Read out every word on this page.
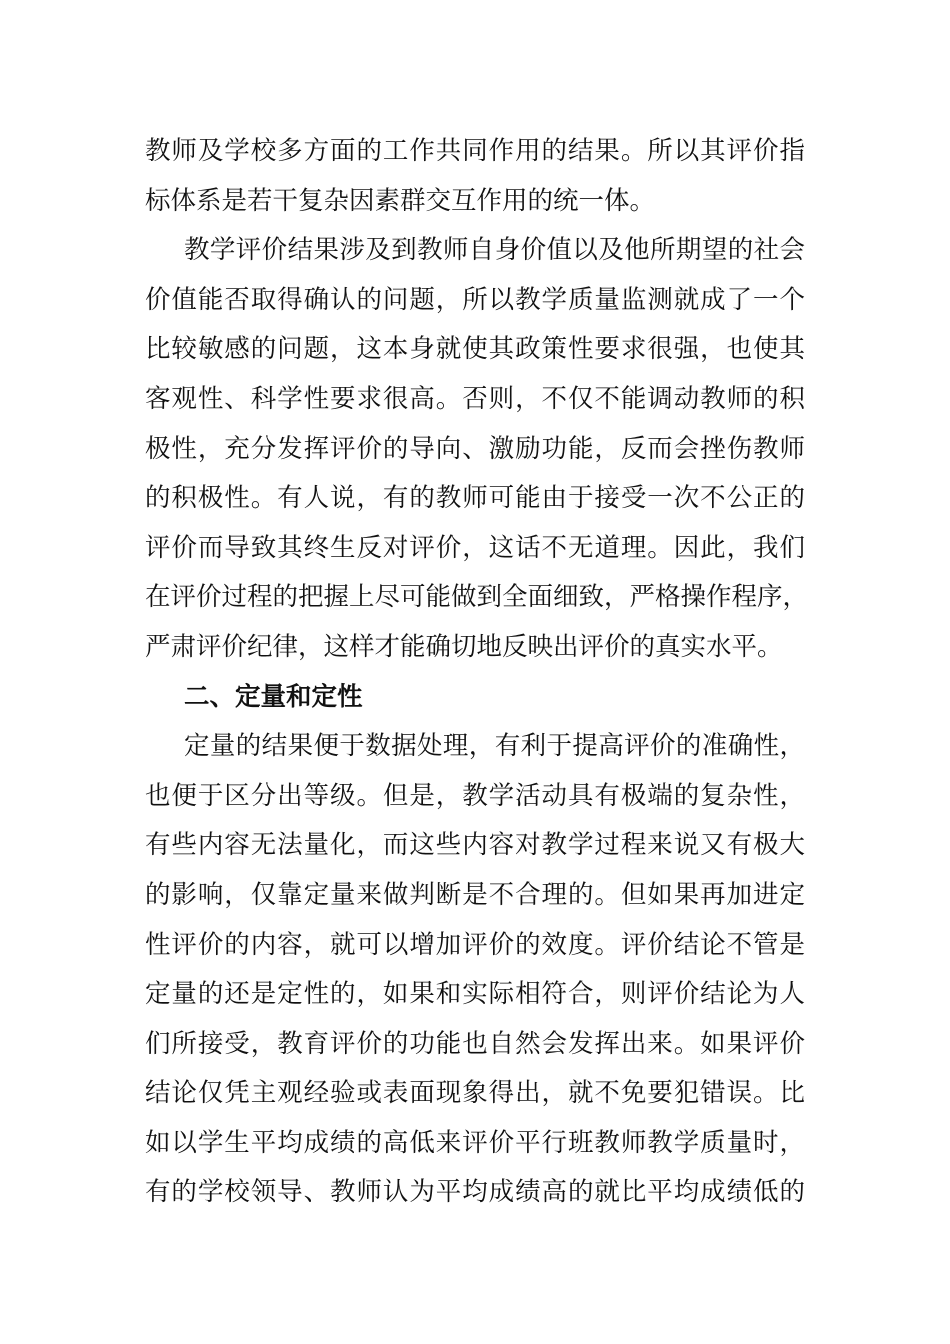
教师及学校多方面的工作共同作用的结果。所以其评价指
标体系是若干复杂因素群交互作用的统一体。
教学评价结果涉及到教师自身价值以及他所期望的社会
价值能否取得确认的问题，所以教学质量监测就成了一个
比较敏感的问题，这本身就使其政策性要求很强，也使其
客观性、科学性要求很高。否则，不仅不能调动教师的积
极性，充分发挥评价的导向、激励功能，反而会挫伤教师
的积极性。有人说，有的教师可能由于接受一次不公正的
评价而导致其终生反对评价，这话不无道理。因此，我们
在评价过程的把握上尽可能做到全面细致，严格操作程序，
严肃评价纪律，这样才能确切地反映出评价的真实水平。
二、定量和定性
定量的结果便于数据处理，有利于提高评价的准确性，
也便于区分出等级。但是，教学活动具有极端的复杂性，
有些内容无法量化，而这些内容对教学过程来说又有极大
的影响，仅靠定量来做判断是不合理的。但如果再加进定
性评价的内容，就可以增加评价的效度。评价结论不管是
定量的还是定性的，如果和实际相符合，则评价结论为人
们所接受，教育评价的功能也自然会发挥出来。如果评价
结论仅凭主观经验或表面现象得出，就不免要犯错误。比
如以学生平均成绩的高低来评价平行班教师教学质量时，
有的学校领导、教师认为平均成绩高的就比平均成绩低的
